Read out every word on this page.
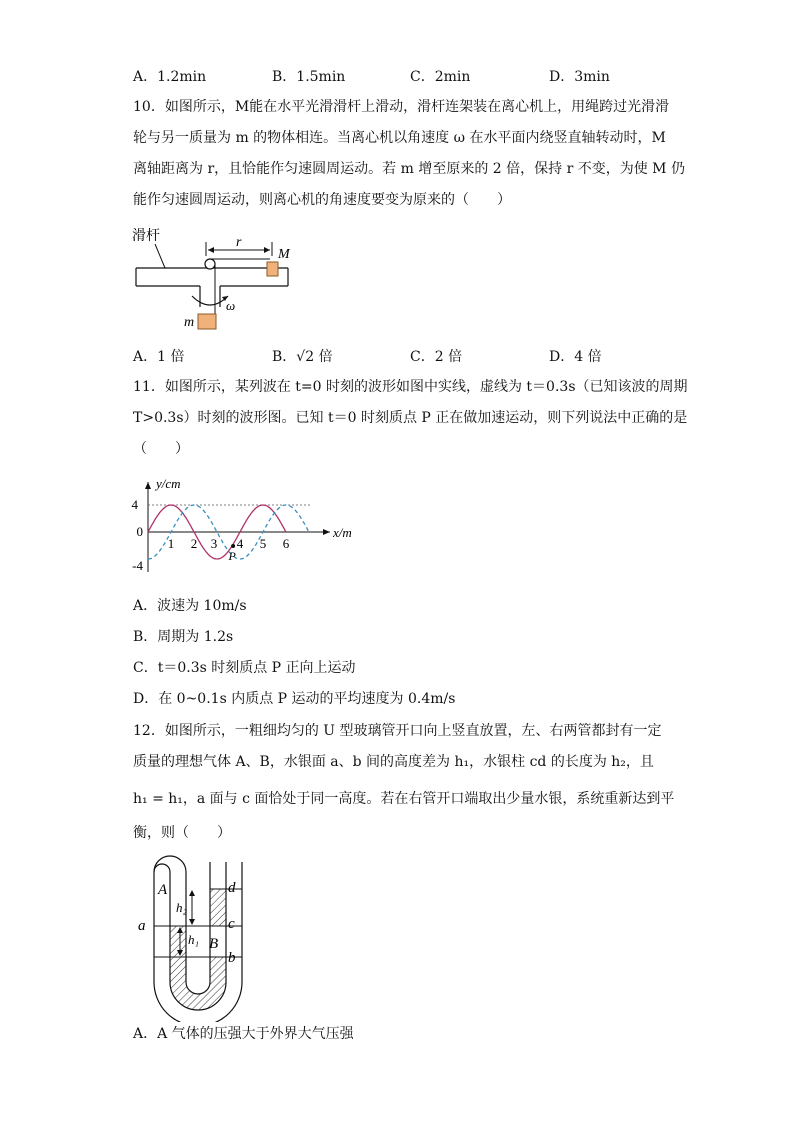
A．1.2min	B．1.5min	C．2min	D．3min
10．如图所示，M能在水平光滑滑杆上滑动，滑杆连架装在离心机上，用绳跨过光滑滑
轮与另一质量为 m 的物体相连。当离心机以角速度 ω 在水平面内绕竖直轴转动时，M
离轴距离为 r，且恰能作匀速圆周运动。若 m 增至原来的 2 倍，保持 r 不变，为使 M 仍
能作匀速圆周运动，则离心机的角速度要变为原来的（　　）
滑杆	r
M
ω
m
A．1 倍	B．√2 倍	C．2 倍	D．4 倍
11．如图所示，某列波在 t=0 时刻的波形如图中实线，虚线为 t＝0.3s（已知该波的周期
T>0.3s）时刻的波形图。已知 t＝0 时刻质点 P 正在做加速运动，则下列说法中正确的是
（　　）
y/cm
x/m
4
0
-4
1 2 3 4 5 6
P
A．波速为 10m/s
B．周期为 1.2s
C．t＝0.3s 时刻质点 P 正向上运动
D．在 0~0.1s 内质点 P 运动的平均速度为 0.4m/s
12．如图所示，一粗细均匀的 U 型玻璃管开口向上竖直放置，左、右两管都封有一定
质量的理想气体 A、B，水银面 a、b 间的高度差为 h₁，水银柱 cd 的长度为 h₂，且
h₁ = h₁，a 面与 c 面恰处于同一高度。若在右管开口端取出少量水银，系统重新达到平
衡，则（　　）
h₂
h₁
A
B
a
d
c
b
A．A 气体的压强大于外界大气压强
